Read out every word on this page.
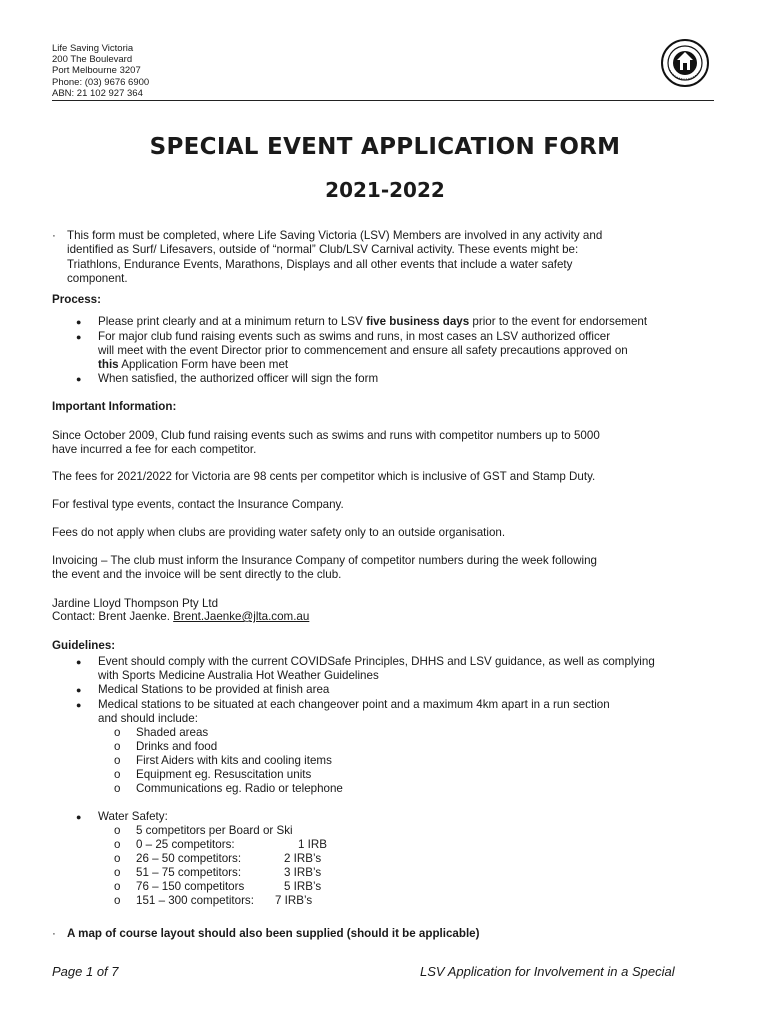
Life Saving Victoria
200 The Boulevard
Port Melbourne 3207
Phone: (03) 9676 6900
ABN: 21 102 927 364
SPECIAL EVENT APPLICATION FORM
2021-2022
· This form must be completed, where Life Saving Victoria (LSV) Members are involved in any activity and
identified as Surf/ Lifesavers, outside of “normal” Club/LSV Carnival activity. These events might be:
Triathlons, Endurance Events, Marathons, Displays and all other events that include a water safety
component.
Process:
● Please print clearly and at a minimum return to LSV five business days prior to the event for endorsement
● For major club fund raising events such as swims and runs, in most cases an LSV authorized officer
will meet with the event Director prior to commencement and ensure all safety precautions approved on
this Application Form have been met
● When satisfied, the authorized officer will sign the form
Important Information:
Since October 2009, Club fund raising events such as swims and runs with competitor numbers up to 5000
have incurred a fee for each competitor.
The fees for 2021/2022 for Victoria are 98 cents per competitor which is inclusive of GST and Stamp Duty.
For festival type events, contact the Insurance Company.
Fees do not apply when clubs are providing water safety only to an outside organisation.
Invoicing – The club must inform the Insurance Company of competitor numbers during the week following
the event and the invoice will be sent directly to the club.
Jardine Lloyd Thompson Pty Ltd
Contact: Brent Jaenke. Brent.Jaenke@jlta.com.au
Guidelines:
● Event should comply with the current COVIDSafe Principles, DHHS and LSV guidance, as well as complying
with Sports Medicine Australia Hot Weather Guidelines
● Medical Stations to be provided at finish area
● Medical stations to be situated at each changeover point and a maximum 4km apart in a run section
and should include:
o Shaded areas
o Drinks and food
o First Aiders with kits and cooling items
o Equipment eg. Resuscitation units
o Communications eg. Radio or telephone
● Water Safety:
o 5 competitors per Board or Ski
o 0 – 25 competitors:	1 IRB
o 26 – 50 competitors:	2 IRB’s
o 51 – 75 competitors:	3 IRB’s
o 76 – 150 competitors	5 IRB’s
o 151 – 300 competitors: 7 IRB’s
· A map of course layout should also been supplied (should it be applicable)
Page 1 of 7	LSV Application for Involvement in a Special
